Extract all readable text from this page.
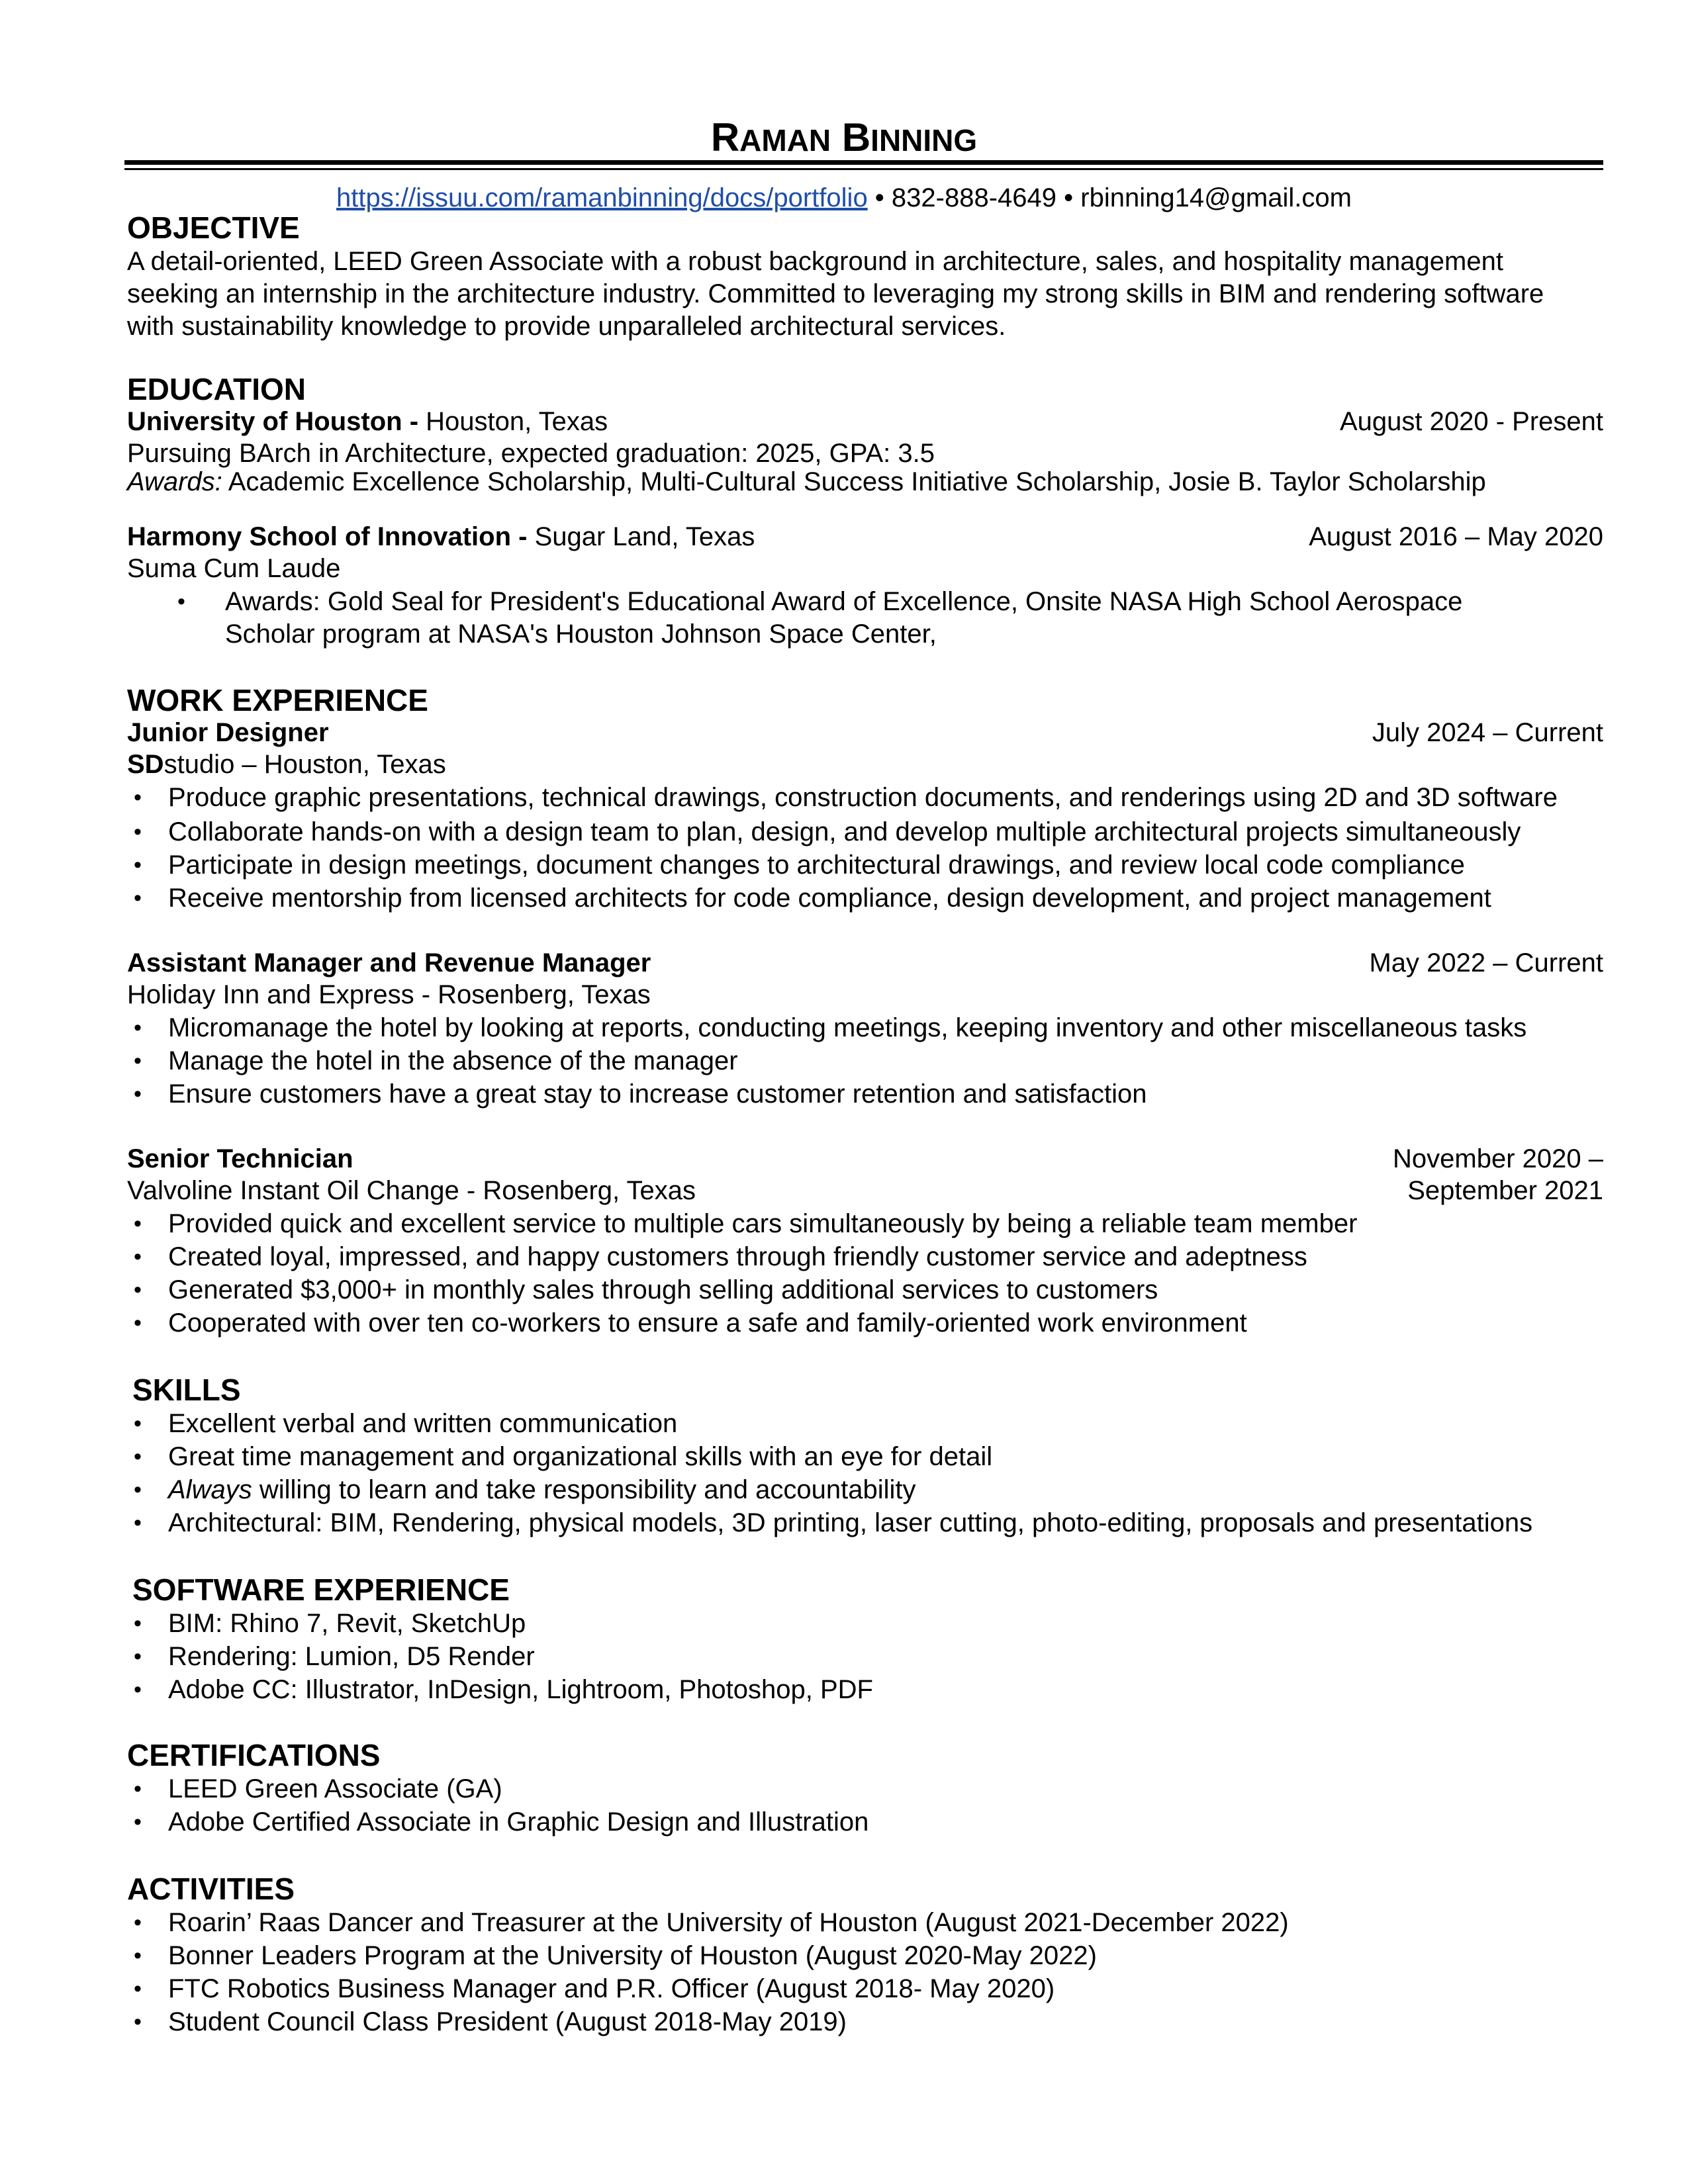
RAMAN BINNING
https://issuu.com/ramanbinning/docs/portfolio • 832-888-4649 • rbinning14@gmail.com
OBJECTIVE
A detail-oriented, LEED Green Associate with a robust background in architecture, sales, and hospitality management
seeking an internship in the architecture industry. Committed to leveraging my strong skills in BIM and rendering software
with sustainability knowledge to provide unparalleled architectural services.
EDUCATION
University of Houston - Houston, Texas	August 2020 - Present
Pursuing BArch in Architecture, expected graduation: 2025, GPA: 3.5
Awards: Academic Excellence Scholarship, Multi-Cultural Success Initiative Scholarship, Josie B. Taylor Scholarship
Harmony School of Innovation - Sugar Land, Texas	August 2016 – May 2020
Suma Cum Laude
• Awards: Gold Seal for President's Educational Award of Excellence, Onsite NASA High School Aerospace
Scholar program at NASA's Houston Johnson Space Center,
WORK EXPERIENCE
Junior Designer	July 2024 – Current
SDstudio – Houston, Texas
• Produce graphic presentations, technical drawings, construction documents, and renderings using 2D and 3D software
• Collaborate hands-on with a design team to plan, design, and develop multiple architectural projects simultaneously
• Participate in design meetings, document changes to architectural drawings, and review local code compliance
• Receive mentorship from licensed architects for code compliance, design development, and project management
Assistant Manager and Revenue Manager	May 2022 – Current
Holiday Inn and Express - Rosenberg, Texas
• Micromanage the hotel by looking at reports, conducting meetings, keeping inventory and other miscellaneous tasks
• Manage the hotel in the absence of the manager
• Ensure customers have a great stay to increase customer retention and satisfaction
Senior Technician	November 2020 –
Valvoline Instant Oil Change - Rosenberg, Texas	September 2021
• Provided quick and excellent service to multiple cars simultaneously by being a reliable team member
• Created loyal, impressed, and happy customers through friendly customer service and adeptness
• Generated $3,000+ in monthly sales through selling additional services to customers
• Cooperated with over ten co-workers to ensure a safe and family-oriented work environment
SKILLS
• Excellent verbal and written communication
• Great time management and organizational skills with an eye for detail
• Always willing to learn and take responsibility and accountability
• Architectural: BIM, Rendering, physical models, 3D printing, laser cutting, photo-editing, proposals and presentations
SOFTWARE EXPERIENCE
• BIM: Rhino 7, Revit, SketchUp
• Rendering: Lumion, D5 Render
• Adobe CC: Illustrator, InDesign, Lightroom, Photoshop, PDF
CERTIFICATIONS
• LEED Green Associate (GA)
• Adobe Certified Associate in Graphic Design and Illustration
ACTIVITIES
• Roarin’ Raas Dancer and Treasurer at the University of Houston (August 2021-December 2022)
• Bonner Leaders Program at the University of Houston (August 2020-May 2022)
• FTC Robotics Business Manager and P.R. Officer (August 2018- May 2020)
• Student Council Class President (August 2018-May 2019)
